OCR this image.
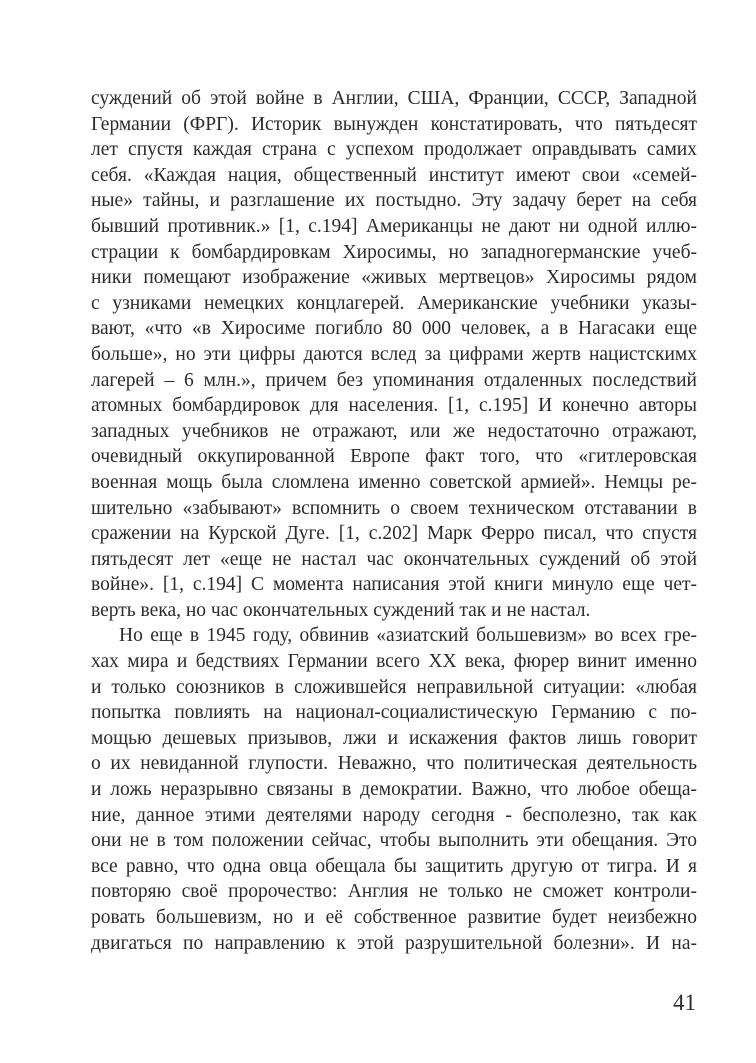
суждений об этой войне в Англии, США, Франции, СССР, Западной
Германии (ФРГ). Историк вынужден констатировать, что пятьдесят
лет спустя каждая страна с успехом продолжает оправдывать самих
себя. «Каждая нация, общественный институт имеют свои «семей-
ные» тайны, и разглашение их постыдно. Эту задачу берет на себя
бывший противник.» [1, с.194] Американцы не дают ни одной иллю-
страции к бомбардировкам Хиросимы, но западногерманские учеб-
ники помещают изображение «живых мертвецов» Хиросимы рядом
с узниками немецких концлагерей. Американские учебники указы-
вают, «что «в Хиросиме погибло 80 000 человек, а в Нагасаки еще
больше», но эти цифры даются вслед за цифрами жертв нацистскимх
лагерей – 6 млн.», причем без упоминания отдаленных последствий
атомных бомбардировок для населения. [1, с.195] И конечно авторы
западных учебников не отражают, или же недостаточно отражают,
очевидный оккупированной Европе факт того, что «гитлеровская
военная мощь была сломлена именно советской армией». Немцы ре-
шительно «забывают» вспомнить о своем техническом отставании в
сражении на Курской Дуге. [1, с.202] Марк Ферро писал, что спустя
пятьдесят лет «еще не настал час окончательных суждений об этой
войне». [1, с.194] С момента написания этой книги минуло еще чет-
верть века, но час окончательных суждений так и не настал.
Но еще в 1945 году, обвинив «азиатский большевизм» во всех гре-
хах мира и бедствиях Германии всего ХХ века, фюрер винит именно
и только союзников в сложившейся неправильной ситуации: «любая
попытка повлиять на национал-социалистическую Германию с по-
мощью дешевых призывов, лжи и искажения фактов лишь говорит
о их невиданной глупости. Неважно, что политическая деятельность
и ложь неразрывно связаны в демократии. Важно, что любое обеща-
ние, данное этими деятелями народу сегодня - бесполезно, так как
они не в том положении сейчас, чтобы выполнить эти обещания. Это
все равно, что одна овца обещала бы защитить другую от тигра. И я
повторяю своё пророчество: Англия не только не сможет контроли-
ровать большевизм, но и её собственное развитие будет неизбежно
двигаться по направлению к этой разрушительной болезни». И на-
41
